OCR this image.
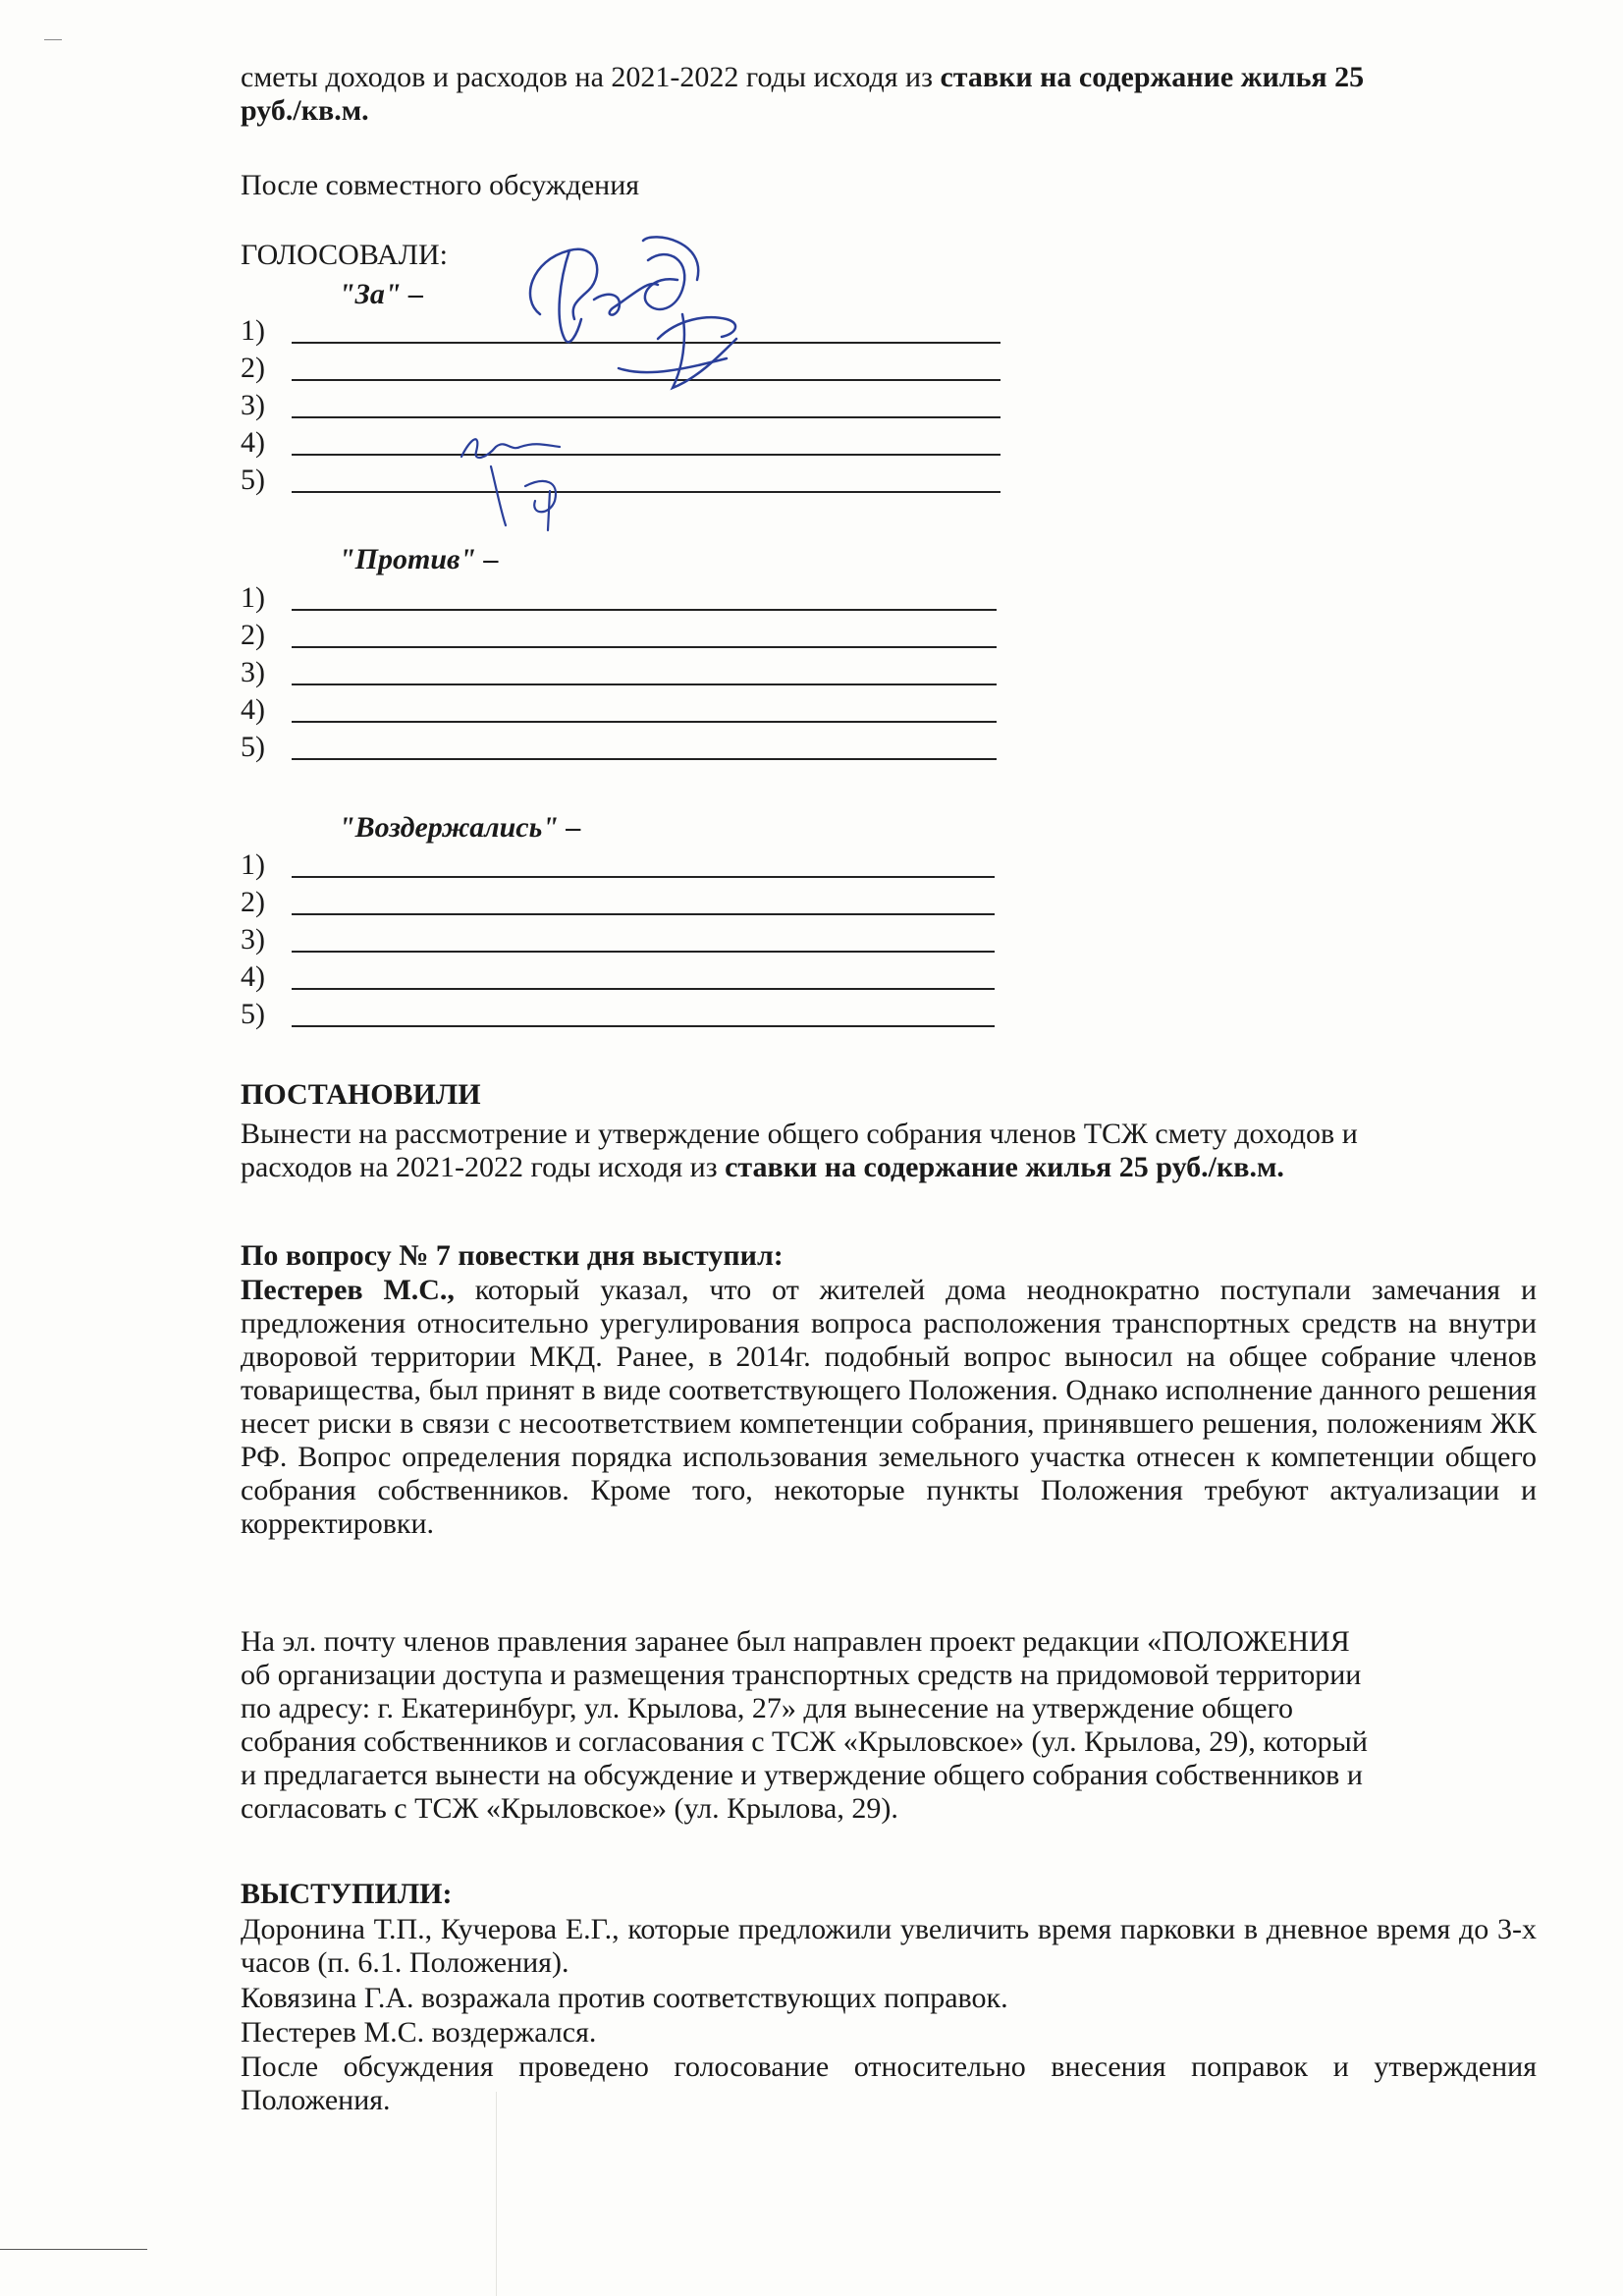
сметы доходов и расходов на 2021-2022 годы исходя из ставки на содержание жилья 25
руб./кв.м.
После совместного обсуждения
ГОЛОСОВАЛИ:
"За" –
1)
2)
3)
4)
5)
"Против" –
1)
2)
3)
4)
5)
"Воздержались" –
1)
2)
3)
4)
5)
ПОСТАНОВИЛИ
Вынести на рассмотрение и утверждение общего собрания членов ТСЖ смету доходов и
расходов на 2021-2022 годы исходя из ставки на содержание жилья 25 руб./кв.м.
По вопросу № 7 повестки дня выступил:
Пестерев М.С., который указал, что от жителей дома неоднократно поступали замечания и предложения относительно урегулирования вопроса расположения транспортных средств на внутри дворовой территории МКД. Ранее, в 2014г. подобный вопрос выносил на общее собрание членов товарищества, был принят в виде соответствующего Положения. Однако исполнение данного решения несет риски в связи с несоответствием компетенции собрания, принявшего решения, положениям ЖК РФ. Вопрос определения порядка использования земельного участка отнесен к компетенции общего собрания собственников. Кроме того, некоторые пункты Положения требуют актуализации и корректировки.
На эл. почту членов правления заранее был направлен проект редакции «ПОЛОЖЕНИЯ
об организации доступа и размещения транспортных средств на придомовой территории
по адресу: г. Екатеринбург, ул. Крылова, 27» для вынесение на утверждение общего
собрания собственников и согласования с ТСЖ «Крыловское» (ул. Крылова, 29), который
и предлагается вынести на обсуждение и утверждение общего собрания собственников и
согласовать с ТСЖ «Крыловское» (ул. Крылова, 29).
ВЫСТУПИЛИ:
Доронина Т.П., Кучерова Е.Г., которые предложили увеличить время парковки в дневное время до 3-х часов (п. 6.1. Положения).
Ковязина Г.А. возражала против соответствующих поправок.
Пестерев М.С. воздержался.
После обсуждения проведено голосование относительно внесения поправок и утверждения Положения.
